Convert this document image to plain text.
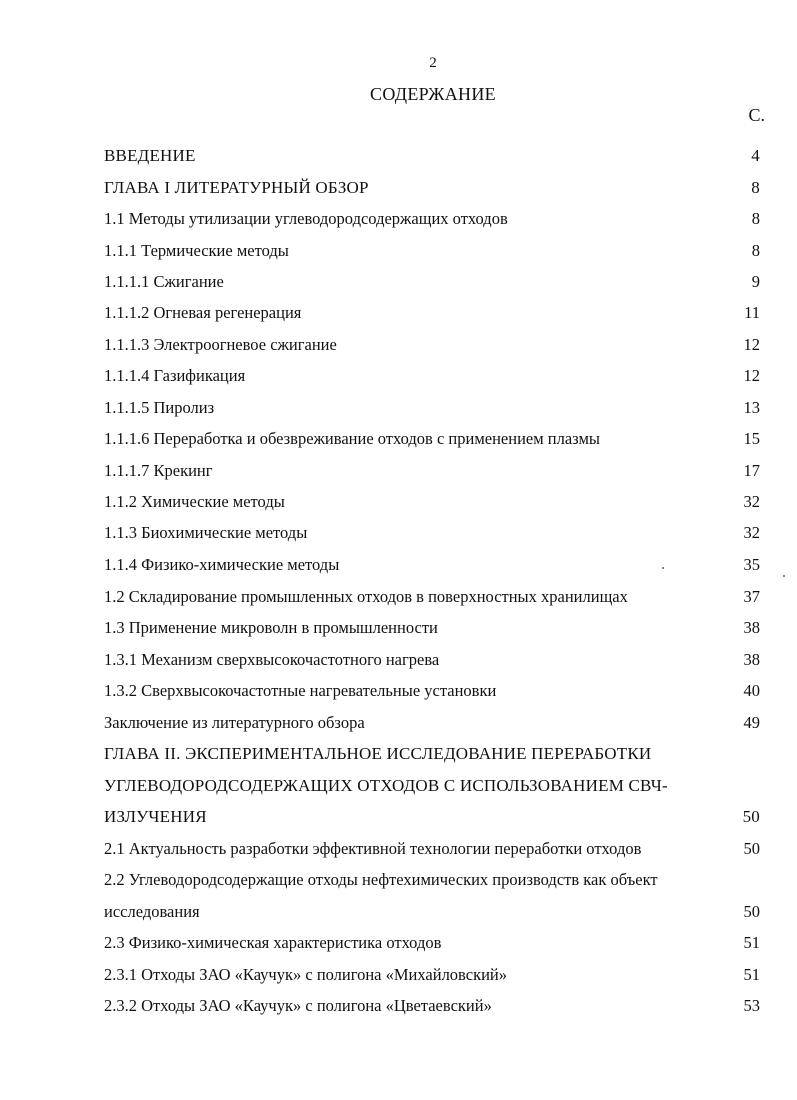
2
СОДЕРЖАНИЕ
С.
ВВЕДЕНИЕ	4
ГЛАВА I ЛИТЕРАТУРНЫЙ ОБЗОР	8
1.1 Методы утилизации углеводородсодержащих отходов	8
1.1.1 Термические методы	8
1.1.1.1 Сжигание	9
1.1.1.2 Огневая регенерация	11
1.1.1.3 Электроогневое сжигание	12
1.1.1.4 Газификация	12
1.1.1.5 Пиролиз	13
1.1.1.6 Переработка и обезвреживание отходов с применением плазмы	15
1.1.1.7 Крекинг	17
1.1.2 Химические методы	32
1.1.3 Биохимические методы	32
1.1.4 Физико-химические методы	35
1.2 Складирование промышленных отходов в поверхностных хранилищах	37
1.3 Применение микроволн в промышленности	38
1.3.1 Механизм сверхвысокочастотного нагрева	38
1.3.2 Сверхвысокочастотные нагревательные установки	40
Заключение из литературного обзора	49
ГЛАВА II. ЭКСПЕРИМЕНТАЛЬНОЕ ИССЛЕДОВАНИЕ ПЕРЕРАБОТКИ
УГЛЕВОДОРОДСОДЕРЖАЩИХ ОТХОДОВ С ИСПОЛЬЗОВАНИЕМ СВЧ-
ИЗЛУЧЕНИЯ	50
2.1 Актуальность разработки эффективной технологии переработки отходов	50
2.2 Углеводородсодержащие отходы нефтехимических производств как объект
исследования	50
2.3 Физико-химическая характеристика отходов	51
2.3.1 Отходы ЗАО «Каучук» с полигона «Михайловский»	51
2.3.2 Отходы ЗАО «Каучук» с полигона «Цветаевский»	53
